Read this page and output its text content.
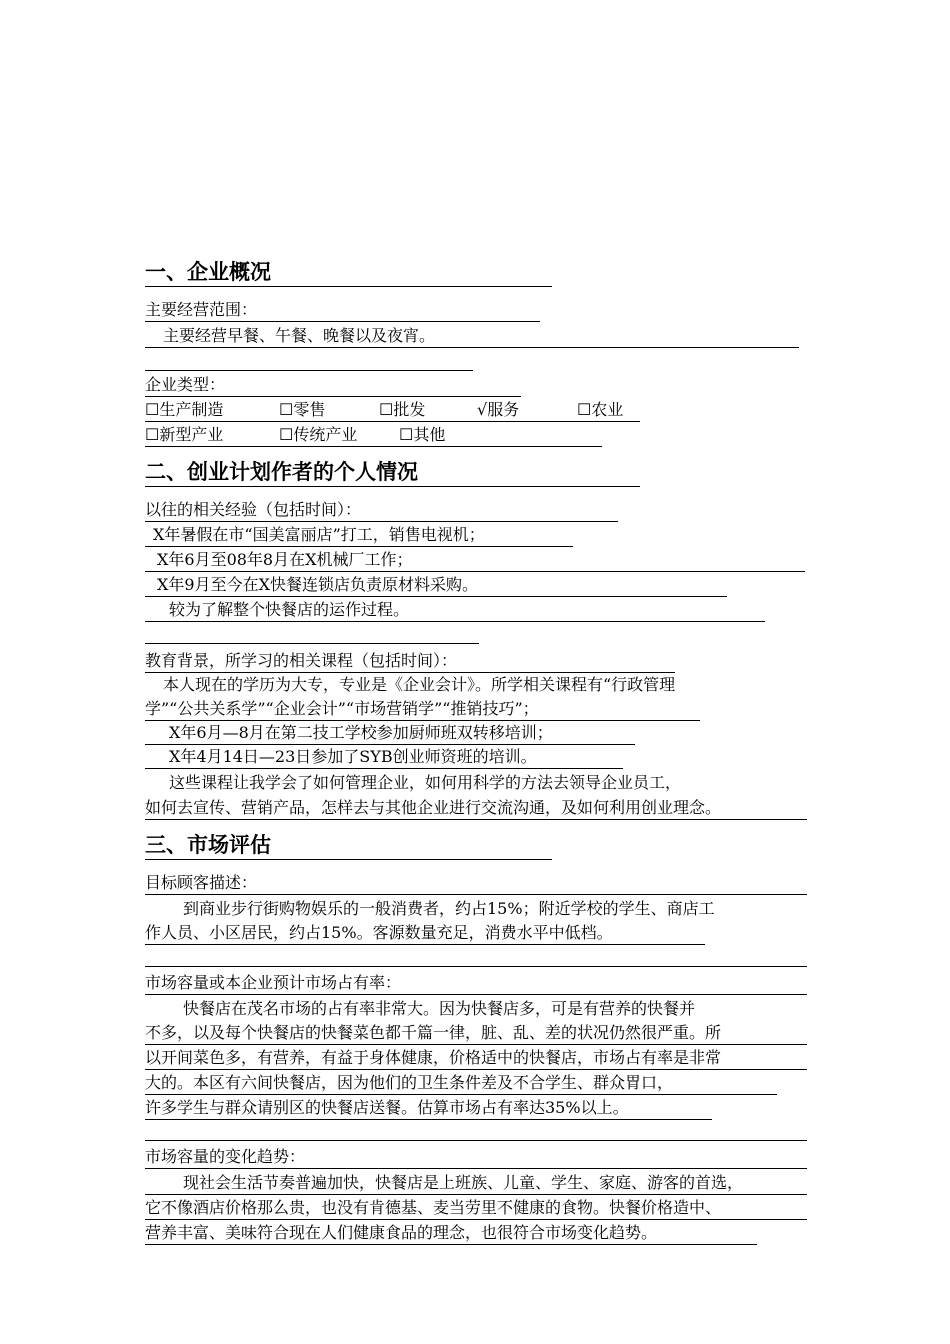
一、企业概况
主要经营范围：
主要经营早餐、午餐、晚餐以及夜宵。
企业类型：
☐生产制造	☐零售	☐批发	√服务	☐农业
☐新型产业	☐传统产业	☐其他
二、创业计划作者的个人情况
以往的相关经验（包括时间）：
X年暑假在市“国美富丽店”打工，销售电视机；
X年6月至08年8月在X机械厂工作；
X年9月至今在X快餐连锁店负责原材料采购。
较为了解整个快餐店的运作过程。
教育背景，所学习的相关课程（包括时间）：
本人现在的学历为大专，专业是《企业会计》。所学相关课程有“行政管理
学”“公共关系学”“企业会计”“市场营销学”“推销技巧”；
X年6月—8月在第二技工学校参加厨师班双转移培训；
X年4月14日—23日参加了SYB创业师资班的培训。
这些课程让我学会了如何管理企业，如何用科学的方法去领导企业员工，
如何去宣传、营销产品，怎样去与其他企业进行交流沟通，及如何利用创业理念。
三、市场评估
目标顾客描述：
到商业步行街购物娱乐的一般消费者，约占15%；附近学校的学生、商店工
作人员、小区居民，约占15%。客源数量充足，消费水平中低档。
市场容量或本企业预计市场占有率：
快餐店在茂名市场的占有率非常大。因为快餐店多，可是有营养的快餐并
不多，以及每个快餐店的快餐菜色都千篇一律，脏、乱、差的状况仍然很严重。所
以开间菜色多，有营养，有益于身体健康，价格适中的快餐店，市场占有率是非常
大的。本区有六间快餐店，因为他们的卫生条件差及不合学生、群众胃口，
许多学生与群众请别区的快餐店送餐。估算市场占有率达35%以上。
市场容量的变化趋势：
现社会生活节奏普遍加快，快餐店是上班族、儿童、学生、家庭、游客的首选，
它不像酒店价格那么贵，也没有肯德基、麦当劳里不健康的食物。快餐价格造中、
营养丰富、美味符合现在人们健康食品的理念，也很符合市场变化趋势。
